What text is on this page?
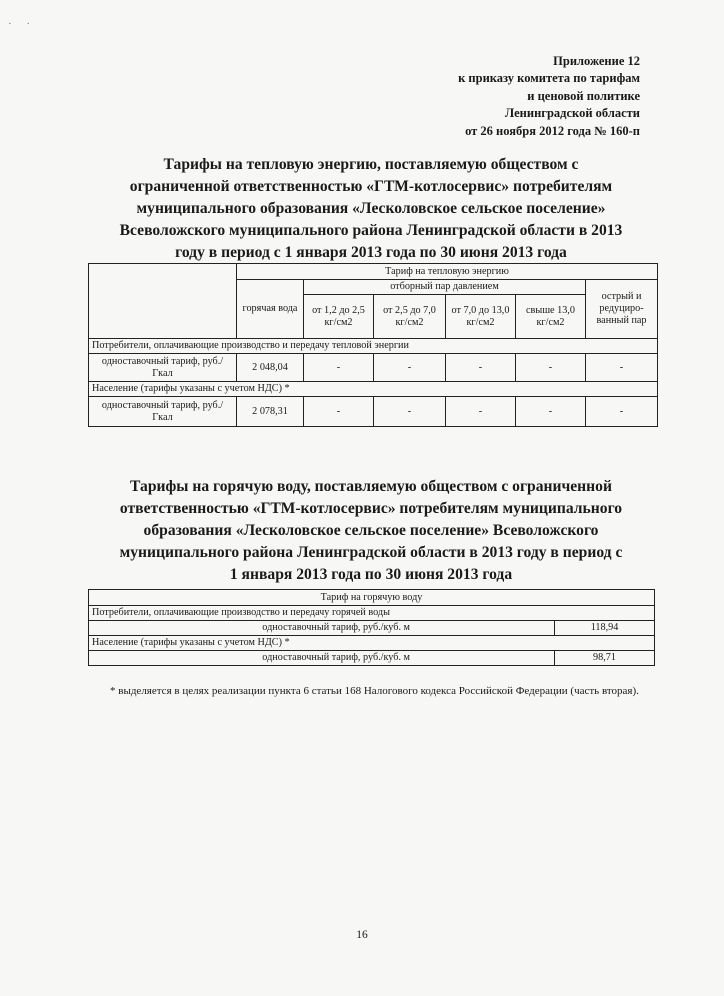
· ·
Приложение 12
к приказу комитета по тарифам
и ценовой политике
Ленинградской области
от 26 ноября 2012 года № 160-п
Тарифы на тепловую энергию, поставляемую обществом с
ограниченной ответственностью «ГТМ-котлосервис» потребителям
муниципального образования «Лесколовское сельское поселение»
Всеволожского муниципального района Ленинградской области в 2013
году в период с 1 января 2013 года по 30 июня 2013 года
	Тариф на тепловую энергию					
	горячая вода	отборный пар давлением				острый и редуциро-ванный пар
		от 1,2 до 2,5 кг/см2	от 2,5 до 7,0 кг/см2	от 7,0 до 13,0 кг/см2	свыше 13,0 кг/см2	
Потребители, оплачивающие производство и передачу тепловой энергии						
одноставочный тариф, руб./Гкал	2 048,04	-	-	-	-	-
Население (тарифы указаны с учетом НДС) *						
одноставочный тариф, руб./Гкал	2 078,31	-	-	-	-	-
Тарифы на горячую воду, поставляемую обществом с ограниченной
ответственностью «ГТМ-котлосервис» потребителям муниципального
образования «Лесколовское сельское поселение» Всеволожского
муниципального района Ленинградской области в 2013 году в период с
1 января 2013 года по 30 июня 2013 года
Тариф на горячую воду	
Потребители, оплачивающие производство и передачу горячей воды	
одноставочный тариф, руб./куб. м	118,94
Население (тарифы указаны с учетом НДС) *	
одноставочный тариф, руб./куб. м	98,71
* выделяется в целях реализации пункта 6 статьи 168 Налогового кодекса Российской Федерации (часть вторая).
16
